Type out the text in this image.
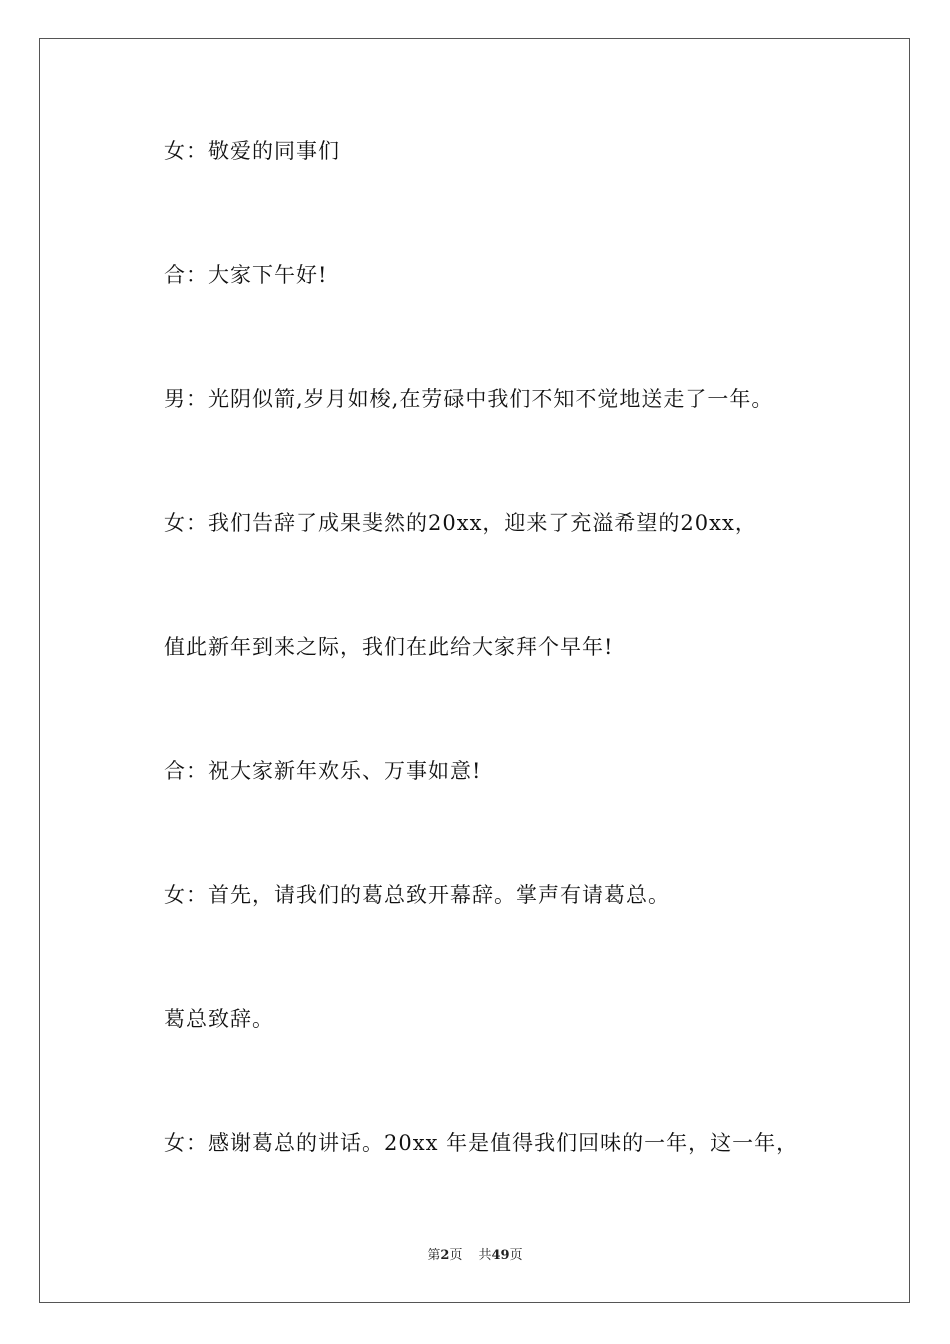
女：敬爱的同事们
合：大家下午好!
男：光阴似箭,岁月如梭,在劳碌中我们不知不觉地送走了一年。
女：我们告辞了成果斐然的20xx，迎来了充溢希望的20xx，
值此新年到来之际，我们在此给大家拜个早年!
合：祝大家新年欢乐、万事如意!
女：首先，请我们的葛总致开幕辞。掌声有请葛总。
葛总致辞。
女：感谢葛总的讲话。20xx 年是值得我们回味的一年，这一年，
第2页 共49页
